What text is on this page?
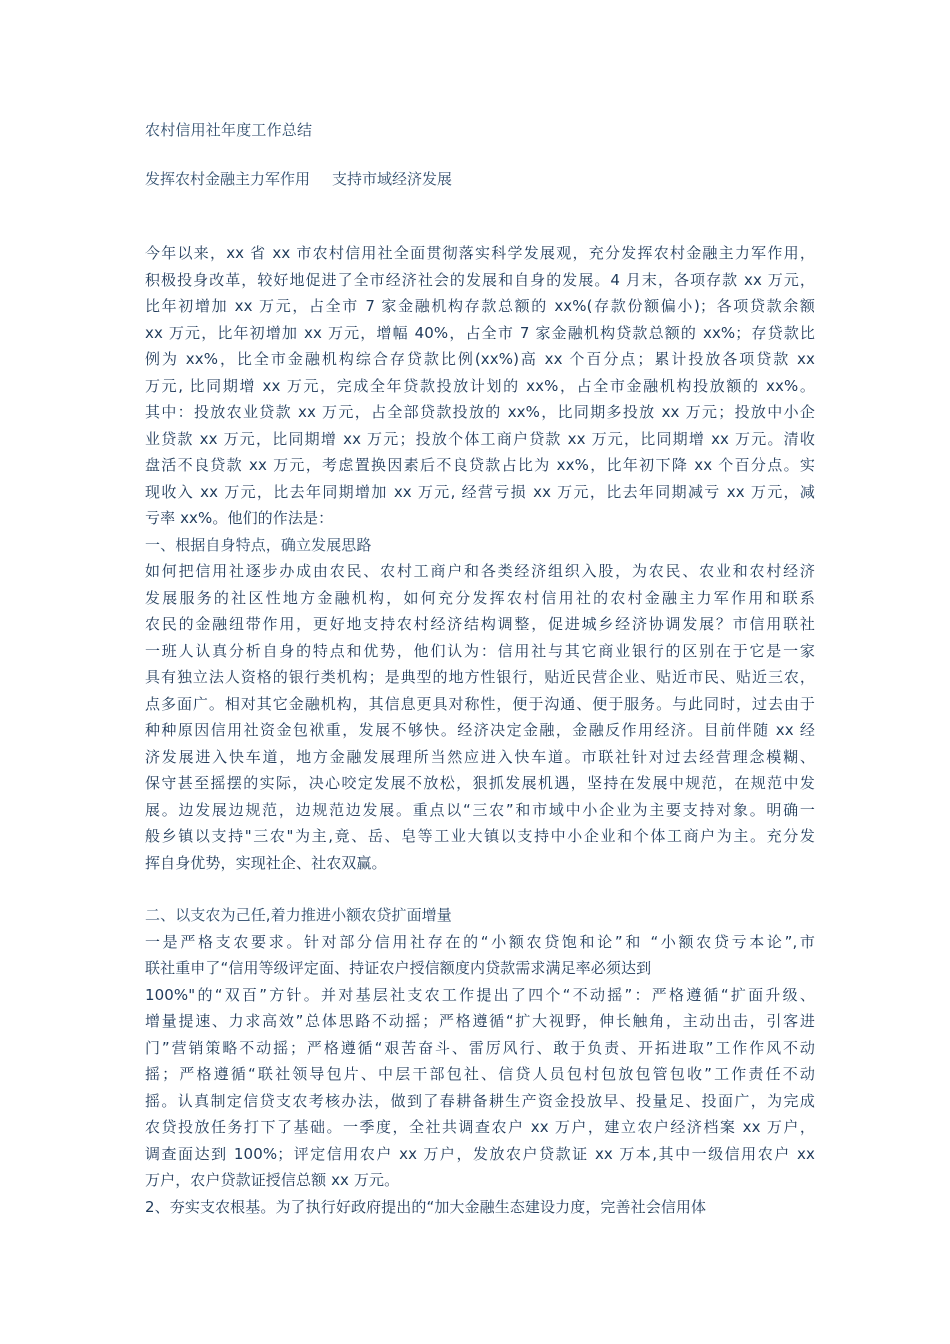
农村信用社年度工作总结
发挥农村金融主力军作用 支持市域经济发展
今年以来，xx 省 xx 市农村信用社全面贯彻落实科学发展观，充分发挥农村金融主力军作用，
积极投身改革，较好地促进了全市经济社会的发展和自身的发展。4 月末，各项存款 xx 万元，
比年初增加 xx 万元，占全市 7 家金融机构存款总额的 xx%(存款份额偏小)；各项贷款余额
xx 万元，比年初增加 xx 万元，增幅 40%，占全市 7 家金融机构贷款总额的 xx%；存贷款比
例为 xx%，比全市金融机构综合存贷款比例(xx%)高 xx 个百分点；累计投放各项贷款 xx
万元, 比同期增 xx 万元，完成全年贷款投放计划的 xx%，占全市金融机构投放额的 xx%。
其中：投放农业贷款 xx 万元，占全部贷款投放的 xx%，比同期多投放 xx 万元；投放中小企
业贷款 xx 万元，比同期增 xx 万元；投放个体工商户贷款 xx 万元，比同期增 xx 万元。清收
盘活不良贷款 xx 万元，考虑置换因素后不良贷款占比为 xx%，比年初下降 xx 个百分点。实
现收入 xx 万元，比去年同期增加 xx 万元, 经营亏损 xx 万元，比去年同期减亏 xx 万元，减
亏率 xx%。他们的作法是：
一、根据自身特点，确立发展思路
如何把信用社逐步办成由农民、农村工商户和各类经济组织入股，为农民、农业和农村经济
发展服务的社区性地方金融机构，如何充分发挥农村信用社的农村金融主力军作用和联系
农民的金融纽带作用，更好地支持农村经济结构调整，促进城乡经济协调发展？市信用联社
一班人认真分析自身的特点和优势，他们认为：信用社与其它商业银行的区别在于它是一家
具有独立法人资格的银行类机构；是典型的地方性银行，贴近民营企业、贴近市民、贴近三农，
点多面广。相对其它金融机构，其信息更具对称性，便于沟通、便于服务。与此同时，过去由于
种种原因信用社资金包袱重，发展不够快。经济决定金融，金融反作用经济。目前伴随 xx 经
济发展进入快车道，地方金融发展理所当然应进入快车道。市联社针对过去经营理念模糊、
保守甚至摇摆的实际，决心咬定发展不放松，狠抓发展机遇，坚持在发展中规范，在规范中发
展。边发展边规范，边规范边发展。重点以“三农”和市域中小企业为主要支持对象。明确一
般乡镇以支持"三农"为主,竟、岳、皂等工业大镇以支持中小企业和个体工商户为主。充分发
挥自身优势，实现社企、社农双赢。
二、以支农为己任,着力推进小额农贷扩面增量
一是严格支农要求。针对部分信用社存在的“小额农贷饱和论”和 “小额农贷亏本论”,市
联社重申了“信用等级评定面、持证农户授信额度内贷款需求满足率必须达到
100%"的“双百”方针。并对基层社支农工作提出了四个“不动摇”：严格遵循“扩面升级、
增量提速、力求高效”总体思路不动摇；严格遵循“扩大视野，伸长触角，主动出击，引客进
门”营销策略不动摇；严格遵循“艰苦奋斗、雷厉风行、敢于负责、开拓进取”工作作风不动
摇；严格遵循“联社领导包片、中层干部包社、信贷人员包村包放包管包收”工作责任不动
摇。认真制定信贷支农考核办法，做到了春耕备耕生产资金投放早、投量足、投面广，为完成
农贷投放任务打下了基础。一季度，全社共调查农户 xx 万户，建立农户经济档案 xx 万户，
调查面达到 100%；评定信用农户 xx 万户，发放农户贷款证 xx 万本,其中一级信用农户 xx
万户，农户贷款证授信总额 xx 万元。
2、夯实支农根基。为了执行好政府提出的“加大金融生态建设力度，完善社会信用体
